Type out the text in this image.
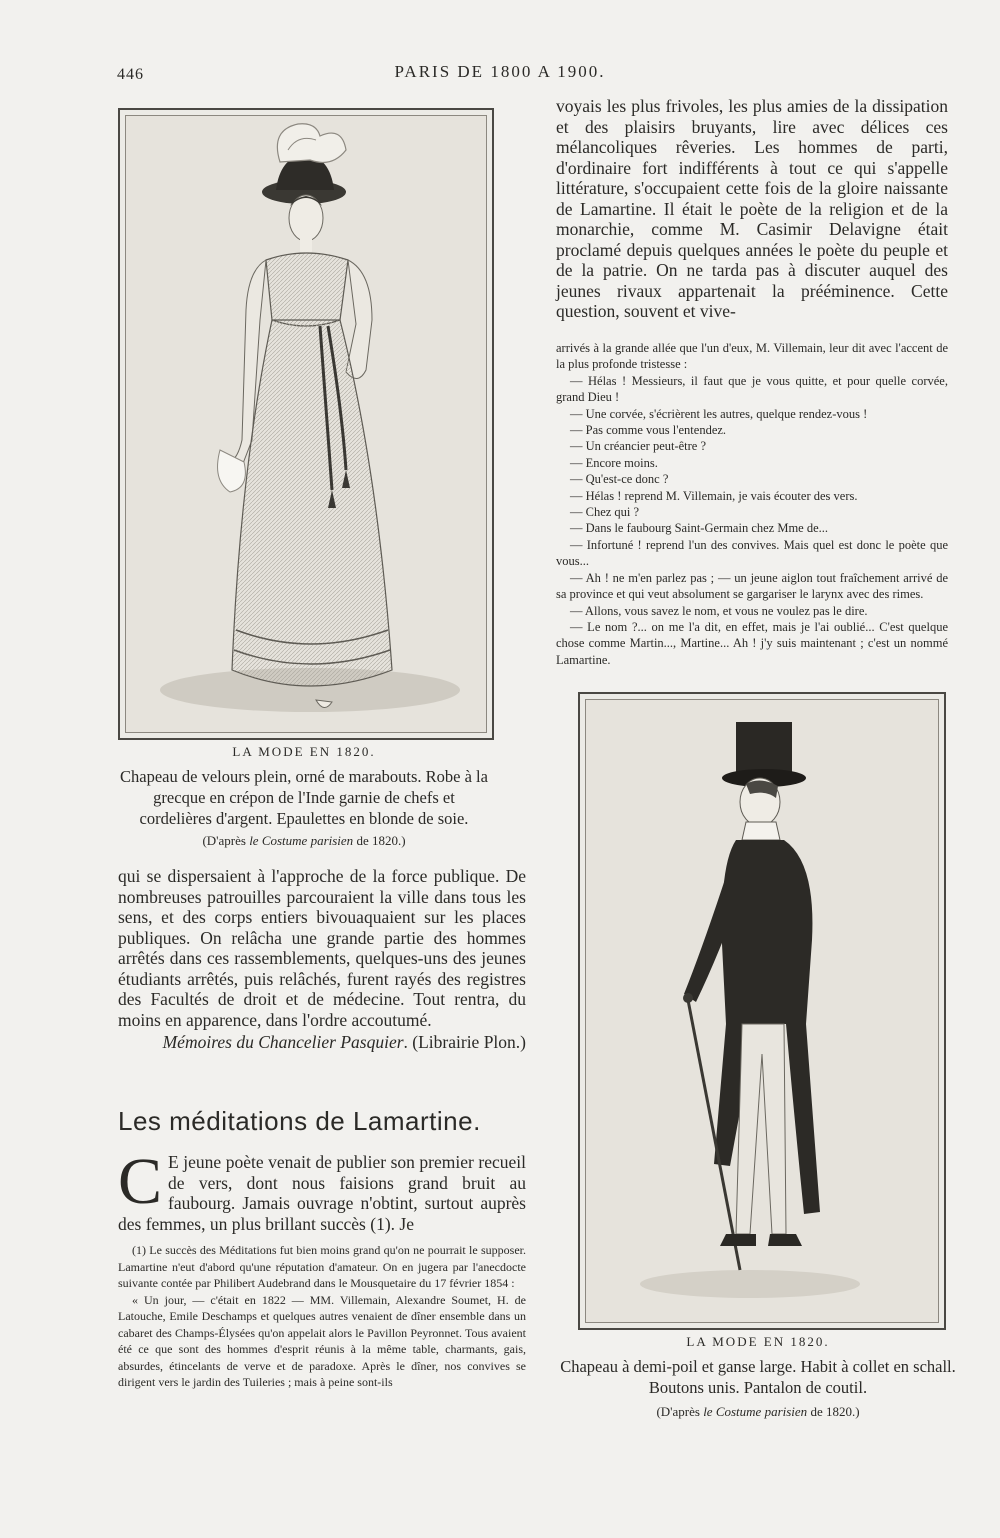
446	PARIS DE 1800 A 1900.

voyais les plus frivoles, les plus amies de la dissipation et des plaisirs bruyants, lire avec délices ces mélancoliques rêveries. Les hommes de parti, d'ordinaire fort indifférents à tout ce qui s'appelle littérature, s'occupaient cette fois de la gloire naissante de Lamartine. Il était le poète de la religion et de la monarchie, comme M. Casimir Delavigne était proclamé depuis quelques années le poète du peuple et de la patrie. On ne tarda pas à discuter auquel des jeunes rivaux appartenait la prééminence. Cette question, souvent et vive-

arrivés à la grande allée que l'un d'eux, M. Villemain, leur dit avec l'accent de la plus profonde tristesse :

— Hélas ! Messieurs, il faut que je vous quitte, et pour quelle corvée, grand Dieu !

— Une corvée, s'écrièrent les autres, quelque rendez-vous !

— Pas comme vous l'entendez.

— Un créancier peut-être ?

— Encore moins.

— Qu'est-ce donc ?

— Hélas ! reprend M. Villemain, je vais écouter des vers.

— Chez qui ?

— Dans le faubourg Saint-Germain chez Mme de...

— Infortuné ! reprend l'un des convives. Mais quel est donc le poète que vous...

— Ah ! ne m'en parlez pas ; — un jeune aiglon tout fraîchement arrivé de sa province et qui veut absolument se gargariser le larynx avec des rimes.

— Allons, vous savez le nom, et vous ne voulez pas le dire.

— Le nom ?... on me l'a dit, en effet, mais je l'ai oublié... C'est quelque chose comme Martin..., Martine... Ah ! j'y suis maintenant ; c'est un nommé Lamartine.

LA MODE EN 1820.
Chapeau de velours plein, orné de marabouts. Robe à la grecque en crépon de l'Inde garnie de chefs et cordelières d'argent. Epaulettes en blonde de soie.
(D'après le Costume parisien de 1820.)

qui se dispersaient à l'approche de la force publique. De nombreuses patrouilles parcouraient la ville dans tous les sens, et des corps entiers bivouaquaient sur les places publiques. On relâcha une grande partie des hommes arrêtés dans ces rassemblements, quelques-uns des jeunes étudiants arrêtés, puis relâchés, furent rayés des registres des Facultés de droit et de médecine. Tout rentra, du moins en apparence, dans l'ordre accoutumé.

Mémoires du Chancelier Pasquier. (Librairie Plon.)

Les méditations de Lamartine.
C E jeune poète venait de publier son premier recueil de vers, dont nous faisions grand bruit au faubourg. Jamais ouvrage n'obtint, surtout auprès des femmes, un plus brillant succès (1). Je

(1) Le succès des Méditations fut bien moins grand qu'on ne pourrait le supposer. Lamartine n'eut d'abord qu'une réputation d'amateur. On en jugera par l'anecdocte suivante contée par Philibert Audebrand dans le Mousquetaire du 17 février 1854 :

« Un jour, — c'était en 1822 — MM. Villemain, Alexandre Soumet, H. de Latouche, Emile Deschamps et quelques autres venaient de dîner ensemble dans un cabaret des Champs-Élysées qu'on appelait alors le Pavillon Peyronnet. Tous avaient été ce que sont des hommes d'esprit réunis à la même table, charmants, gais, absurdes, étincelants de verve et de paradoxe. Après le dîner, nos convives se dirigent vers le jardin des Tuileries ; mais à peine sont-ils

LA MODE EN 1820.
Chapeau à demi-poil et ganse large. Habit à collet en schall. Boutons unis. Pantalon de coutil.
(D'après le Costume parisien de 1820.)
